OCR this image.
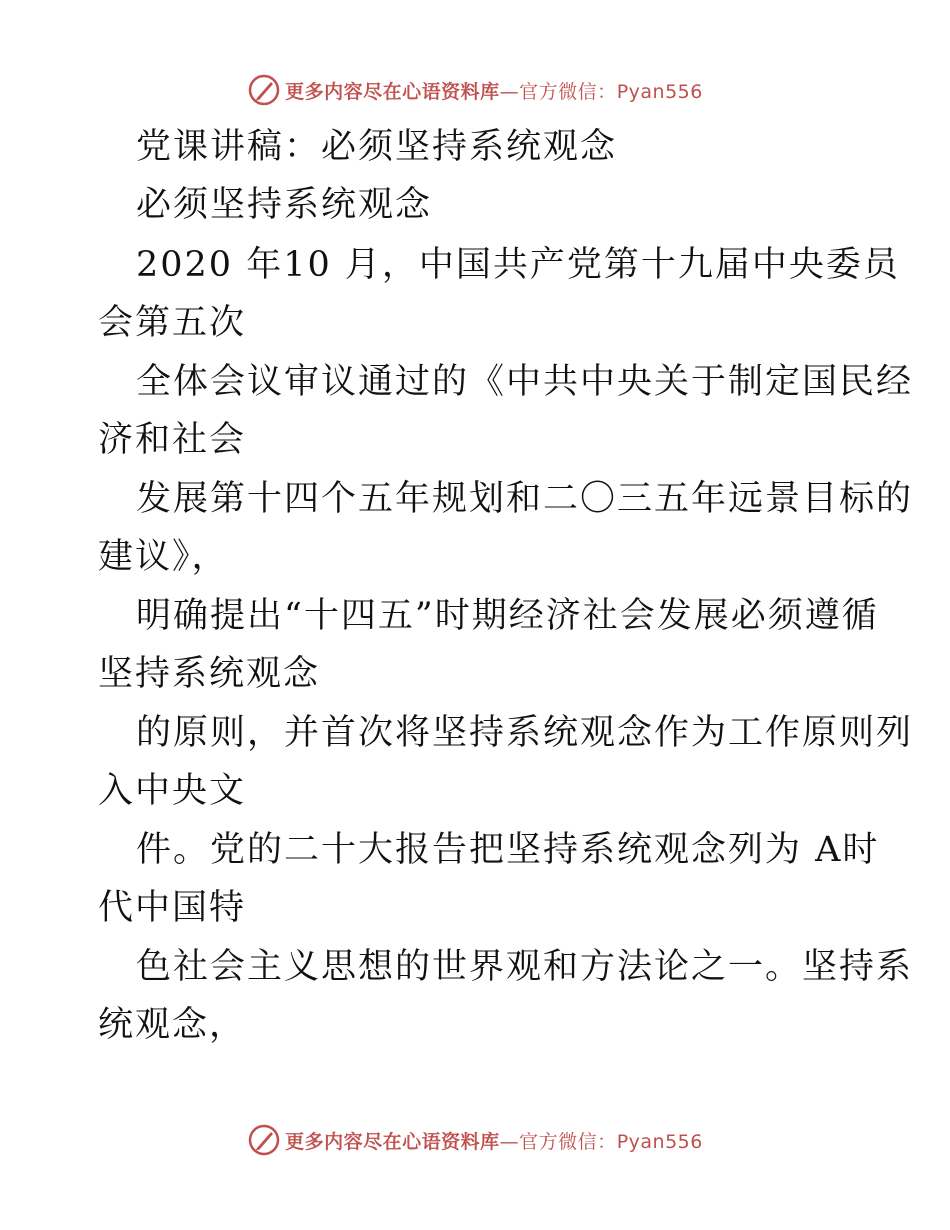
更多内容尽在心语资料库—官方微信：Pyan556
党课讲稿：必须坚持系统观念
必须坚持系统观念
2020 年10 月，中国共产党第十九届中央委员
会第五次
全体会议审议通过的《中共中央关于制定国民经
济和社会
发展第十四个五年规划和二〇三五年远景目标的
建议》，
明确提出“十四五”时期经济社会发展必须遵循
坚持系统观念
的原则，并首次将坚持系统观念作为工作原则列
入中央文
件。党的二十大报告把坚持系统观念列为 A时
代中国特
色社会主义思想的世界观和方法论之一。坚持系
统观念，
更多内容尽在心语资料库—官方微信：Pyan556
